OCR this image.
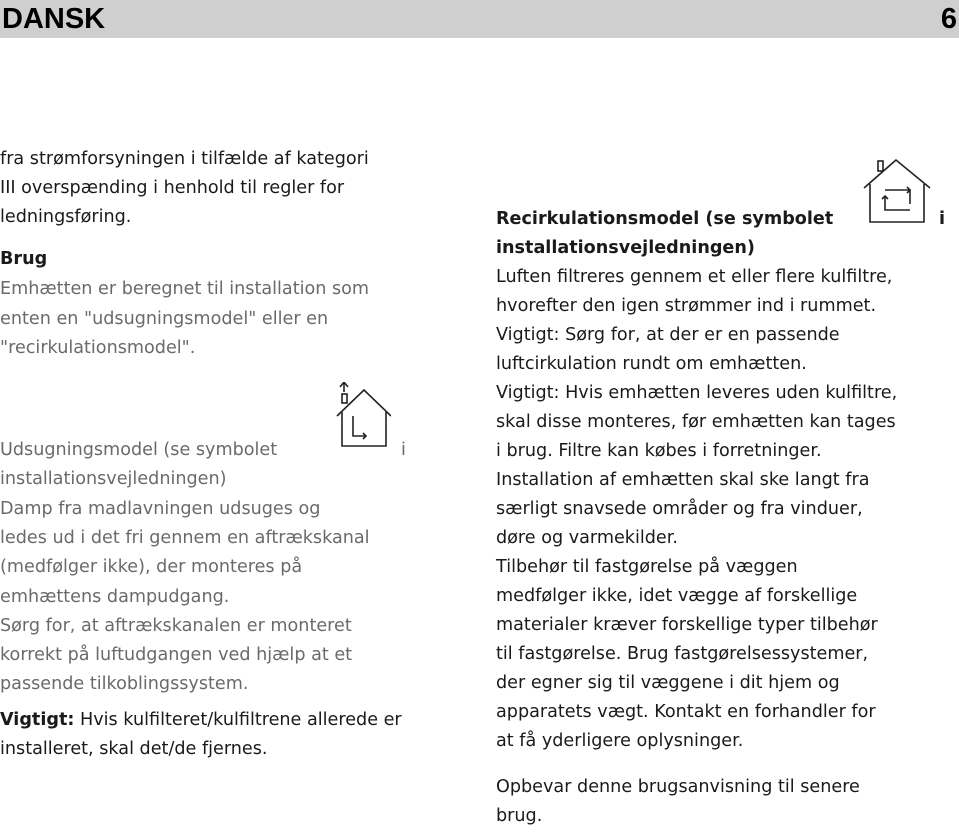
DANSK	6

fra strømforsyningen i tilfælde af kategori

III overspænding i henhold til regler for

ledningsføring.

Brug

Emhætten er beregnet til installation som

enten en "udsugningsmodel" eller en

"recirkulationsmodel".

Udsugningsmodel (se symbolet	i

installationsvejledningen)

Damp fra madlavningen udsuges og

ledes ud i det fri gennem en aftrækskanal

(medfølger ikke), der monteres på

emhættens dampudgang.

Sørg for, at aftrækskanalen er monteret

korrekt på luftudgangen ved hjælp at et

passende tilkoblingssystem.

Vigtigt: Hvis kulfilteret/kulfiltrene allerede er

installeret, skal det/de fjernes.

Recirkulationsmodel (se symbolet	i

installationsvejledningen)

Luften filtreres gennem et eller flere kulfiltre,

hvorefter den igen strømmer ind i rummet.

Vigtigt: Sørg for, at der er en passende

luftcirkulation rundt om emhætten.

Vigtigt: Hvis emhætten leveres uden kulfiltre,

skal disse monteres, før emhætten kan tages

i brug. Filtre kan købes i forretninger.

Installation af emhætten skal ske langt fra

særligt snavsede områder og fra vinduer,

døre og varmekilder.

Tilbehør til fastgørelse på væggen

medfølger ikke, idet vægge af forskellige

materialer kræver forskellige typer tilbehør

til fastgørelse. Brug fastgørelsessystemer,

der egner sig til væggene i dit hjem og

apparatets vægt. Kontakt en forhandler for

at få yderligere oplysninger.

Opbevar denne brugsanvisning til senere

brug.
